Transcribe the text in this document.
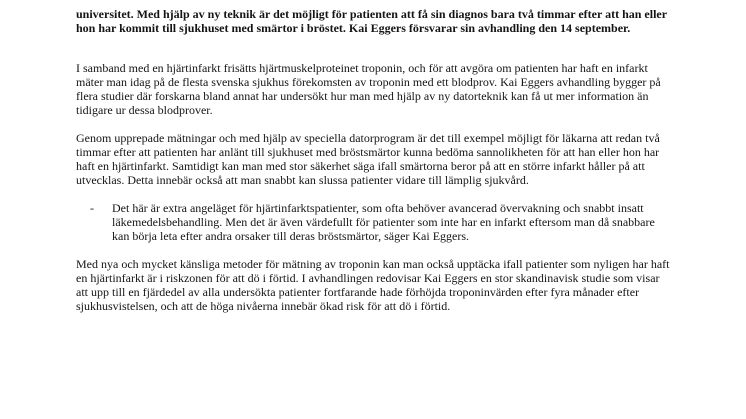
universitet. Med hjälp av ny teknik är det möjligt för patienten att få sin diagnos bara två timmar efter att han eller hon har kommit till sjukhuset med smärtor i bröstet. Kai Eggers försvarar sin avhandling den 14 september.

I samband med en hjärtinfarkt frisätts hjärtmuskelproteinet troponin, och för att avgöra om patienten har haft en infarkt mäter man idag på de flesta svenska sjukhus förekomsten av troponin med ett blodprov. Kai Eggers avhandling bygger på flera studier där forskarna bland annat har undersökt hur man med hjälp av ny datorteknik kan få ut mer information än tidigare ur dessa blodprover.

Genom upprepade mätningar och med hjälp av speciella datorprogram är det till exempel möjligt för läkarna att redan två timmar efter att patienten har anlänt till sjukhuset med bröstsmärtor kunna bedöma sannolikheten för att han eller hon har haft en hjärtinfarkt. Samtidigt kan man med stor säkerhet säga ifall smärtorna beror på att en större infarkt håller på att utvecklas. Detta innebär också att man snabbt kan slussa patienter vidare till lämplig sjukvård.

-	Det här är extra angeläget för hjärtinfarktspatienter, som ofta behöver avancerad övervakning och snabbt insatt läkemedelsbehandling. Men det är även värdefullt för patienter som inte har en infarkt eftersom man då snabbare kan börja leta efter andra orsaker till deras bröstsmärtor, säger Kai Eggers.

Med nya och mycket känsliga metoder för mätning av troponin kan man också upptäcka ifall patienter som nyligen har haft en hjärtinfarkt är i riskzonen för att dö i förtid. I avhandlingen redovisar Kai Eggers en stor skandinavisk studie som visar att upp till en fjärdedel av alla undersökta patienter fortfarande hade förhöjda troponinvärden efter fyra månader efter sjukhusvistelsen, och att de höga nivåerna innebär ökad risk för att dö i förtid.
